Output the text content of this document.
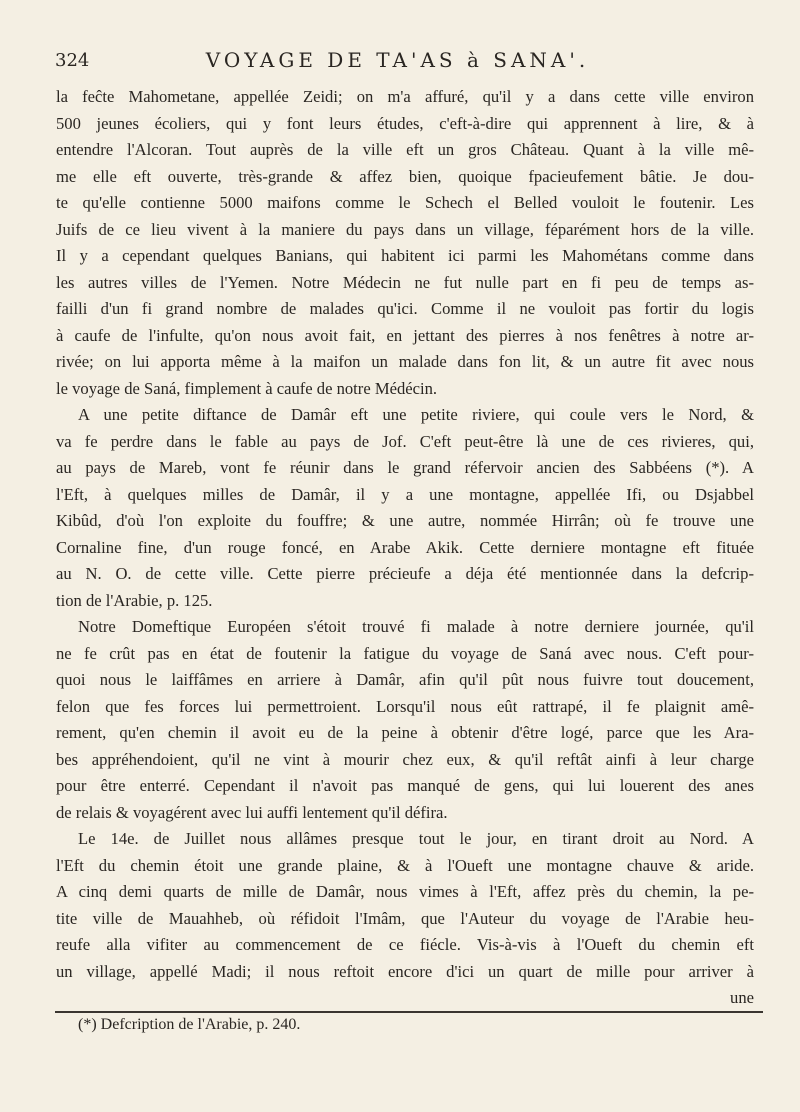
324	VOYAGE DE TA'AS à SANA'.
la feĉte Mahometane, appellée Zeidi; on m'a affuré, qu'il y a dans cette ville environ
500 jeunes écoliers, qui y font leurs études, c'eft-à-dire qui apprennent à lire, & à
entendre l'Alcoran. Tout auprès de la ville eft un gros Château. Quant à la ville mê-
me elle eft ouverte, très-grande & affez bien, quoique fpacieufement bâtie. Je dou-
te qu'elle contienne 5000 maifons comme le Schech el Belled vouloit le foutenir. Les
Juifs de ce lieu vivent à la maniere du pays dans un village, féparément hors de la ville.
Il y a cependant quelques Banians, qui habitent ici parmi les Mahométans comme dans
les autres villes de l'Yemen. Notre Médecin ne fut nulle part en fi peu de temps as-
failli d'un fi grand nombre de malades qu'ici. Comme il ne vouloit pas fortir du logis
à caufe de l'infulte, qu'on nous avoit fait, en jettant des pierres à nos fenêtres à notre ar-
rivée; on lui apporta même à la maifon un malade dans fon lit, & un autre fit avec nous
le voyage de Saná, fimplement à caufe de notre Médécin.
A une petite diftance de Damâr eft une petite riviere, qui coule vers le Nord, &
va fe perdre dans le fable au pays de Jof. C'eft peut-être là une de ces rivieres, qui,
au pays de Mareb, vont fe réunir dans le grand réfervoir ancien des Sabbéens (*). A
l'Eft, à quelques milles de Damâr, il y a une montagne, appellée Ifi, ou Dsjabbel
Kibûd, d'où l'on exploite du fouffre; & une autre, nommée Hirrân; où fe trouve une
Cornaline fine, d'un rouge foncé, en Arabe Akik. Cette derniere montagne eft fituée
au N. O. de cette ville. Cette pierre précieufe a déja été mentionnée dans la defcrip-
tion de l'Arabie, p. 125.
Notre Domeftique Européen s'étoit trouvé fi malade à notre derniere journée, qu'il
ne fe crût pas en état de foutenir la fatigue du voyage de Saná avec nous. C'eft pour-
quoi nous le laiffâmes en arriere à Damâr, afin qu'il pût nous fuivre tout doucement,
felon que fes forces lui permettroient. Lorsqu'il nous eût rattrapé, il fe plaignit amê-
rement, qu'en chemin il avoit eu de la peine à obtenir d'être logé, parce que les Ara-
bes appréhendoient, qu'il ne vint à mourir chez eux, & qu'il reftât ainfi à leur charge
pour être enterré. Cependant il n'avoit pas manqué de gens, qui lui louerent des anes
de relais & voyagérent avec lui auffi lentement qu'il défira.
Le 14e. de Juillet nous allâmes presque tout le jour, en tirant droit au Nord. A
l'Eft du chemin étoit une grande plaine, & à l'Oueft une montagne chauve & aride.
A cinq demi quarts de mille de Damâr, nous vimes à l'Eft, affez près du chemin, la pe-
tite ville de Mauahheb, où réfidoit l'Imâm, que l'Auteur du voyage de l'Arabie heu-
reufe alla vifiter au commencement de ce fiécle. Vis-à-vis à l'Oueft du chemin eft
un village, appellé Madi; il nous reftoit encore d'ici un quart de mille pour arriver à
une
(*) Defcription de l'Arabie, p. 240.
